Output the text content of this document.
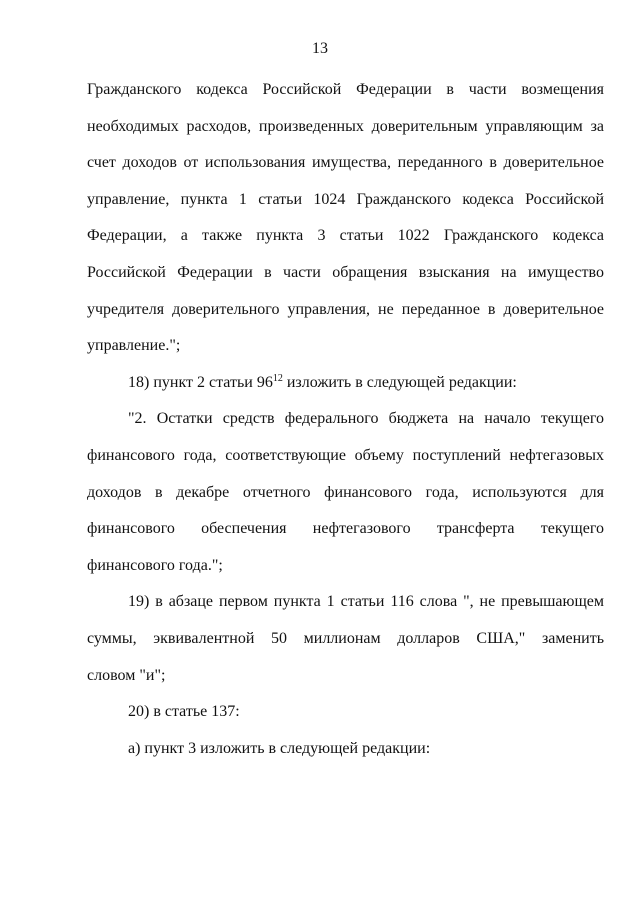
13

Гражданского кодекса Российской Федерации в части возмещения
необходимых расходов, произведенных доверительным управляющим за
счет доходов от использования имущества, переданного в доверительное
управление, пункта 1 статьи 1024 Гражданского кодекса Российской
Федерации, а также пункта 3 статьи 1022 Гражданского кодекса
Российской Федерации в части обращения взыскания на имущество
учредителя доверительного управления, не переданное в доверительное
управление.";

18) пункт 2 статьи $96^{12}$ изложить в следующей редакции:

"2. Остатки средств федерального бюджета на начало текущего
финансового года, соответствующие объему поступлений нефтегазовых
доходов в декабре отчетного финансового года, используются для
финансового обеспечения нефтегазового трансферта текущего
финансового года.";

19) в абзаце первом пункта 1 статьи 116 слова ", не превышающем
суммы, эквивалентной 50 миллионам долларов США," заменить
словом "и";

20) в статье 137:

а) пункт 3 изложить в следующей редакции:
